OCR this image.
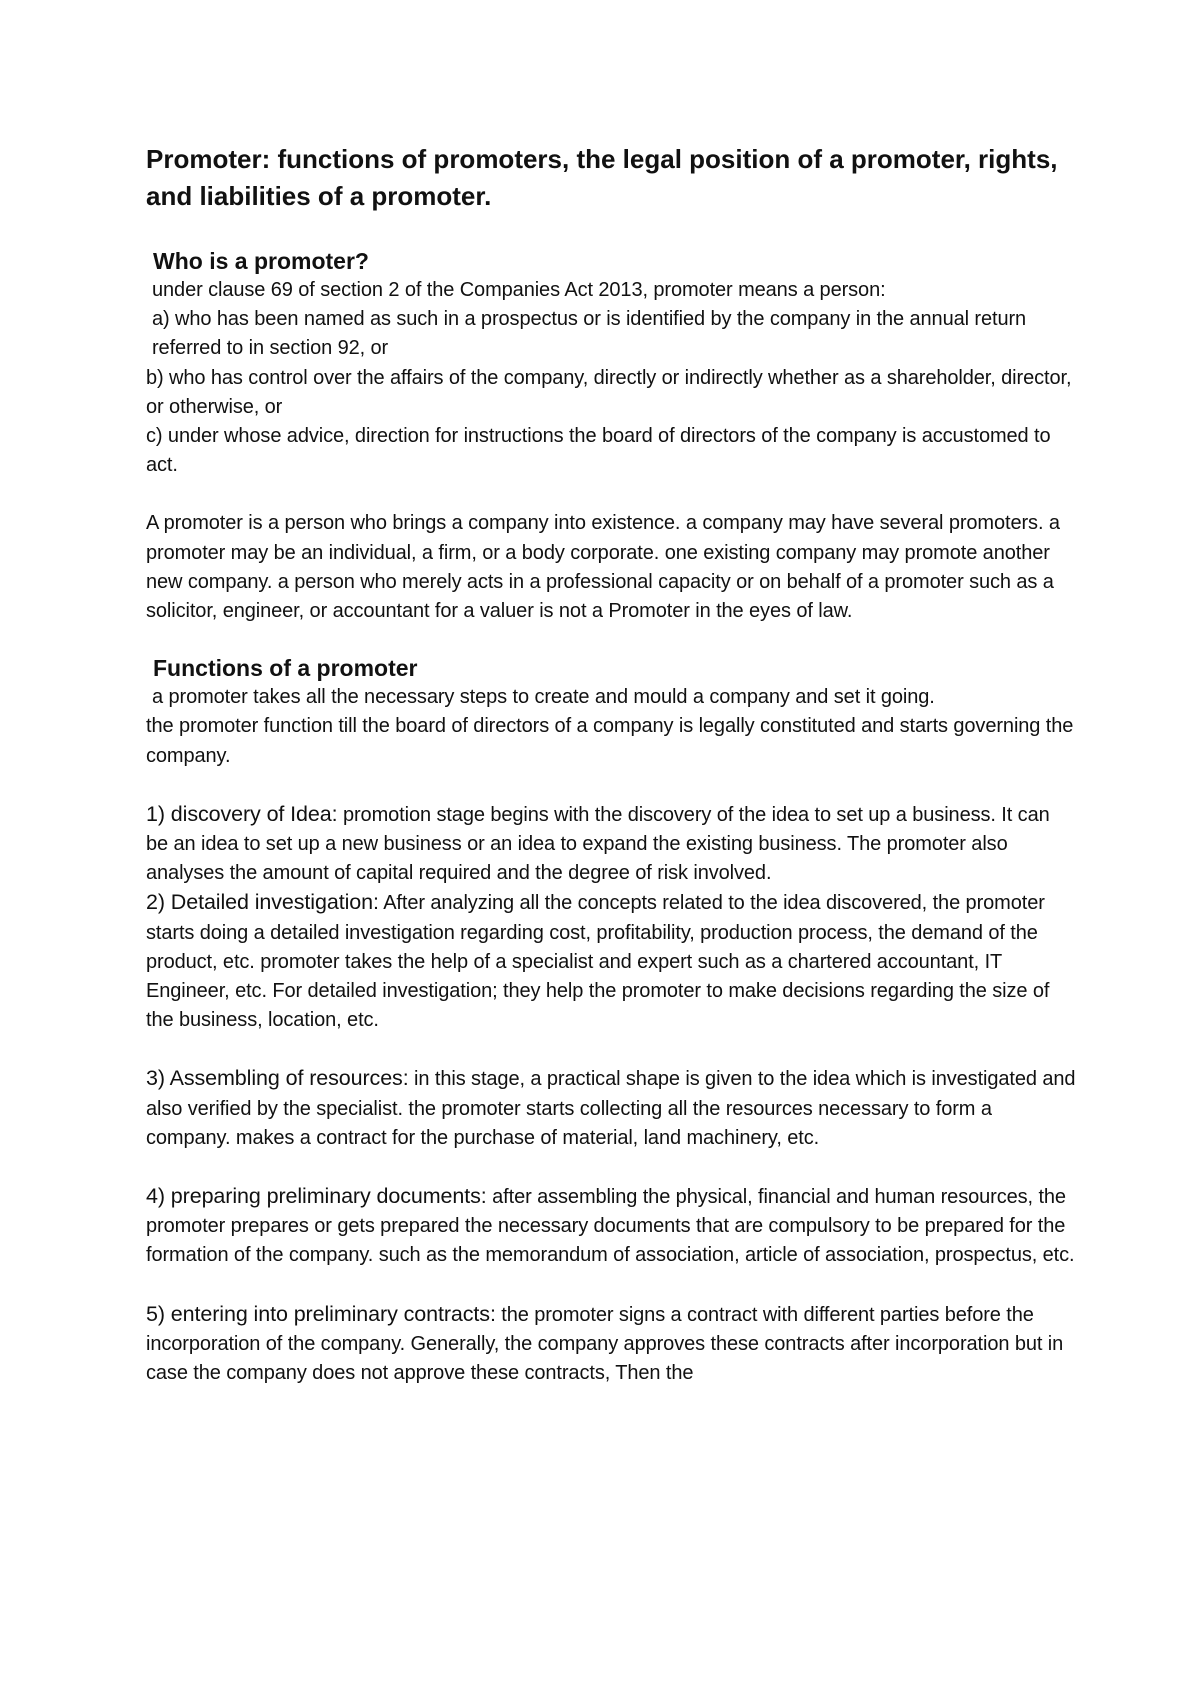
Promoter: functions of promoters, the legal position of a promoter, rights, and liabilities of a promoter.
Who is a promoter?

under clause 69 of section 2 of the Companies Act 2013, promoter means a person:

a) who has been named as such in a prospectus or is identified by the company in the annual return referred to in section 92, or

b) who has control over the affairs of the company, directly or indirectly whether as a shareholder, director, or otherwise, or

c) under whose advice, direction for instructions the board of directors of the company is accustomed to act.

A promoter is a person who brings a company into existence. a company may have several promoters. a promoter may be an individual, a firm, or a body corporate. one existing company may promote another new company. a person who merely acts in a professional capacity or on behalf of a promoter such as a solicitor, engineer, or accountant for a valuer is not a Promoter in the eyes of law.

Functions of a promoter

a promoter takes all the necessary steps to create and mould a company and set it going.

the promoter function till the board of directors of a company is legally constituted and starts governing the company.

1) discovery of Idea: promotion stage begins with the discovery of the idea to set up a business. It can be an idea to set up a new business or an idea to expand the existing business. The promoter also analyses the amount of capital required and the degree of risk involved.

2) Detailed investigation: After analyzing all the concepts related to the idea discovered, the promoter starts doing a detailed investigation regarding cost, profitability, production process, the demand of the product, etc. promoter takes the help of a specialist and expert such as a chartered accountant, IT Engineer, etc. For detailed investigation; they help the promoter to make decisions regarding the size of the business, location, etc.

3) Assembling of resources: in this stage, a practical shape is given to the idea which is investigated and also verified by the specialist. the promoter starts collecting all the resources necessary to form a company. makes a contract for the purchase of material, land machinery, etc.

4) preparing preliminary documents: after assembling the physical, financial and human resources, the promoter prepares or gets prepared the necessary documents that are compulsory to be prepared for the formation of the company. such as the memorandum of association, article of association, prospectus, etc.

5) entering into preliminary contracts: the promoter signs a contract with different parties before the incorporation of the company. Generally, the company approves these contracts after incorporation but in case the company does not approve these contracts, Then the
